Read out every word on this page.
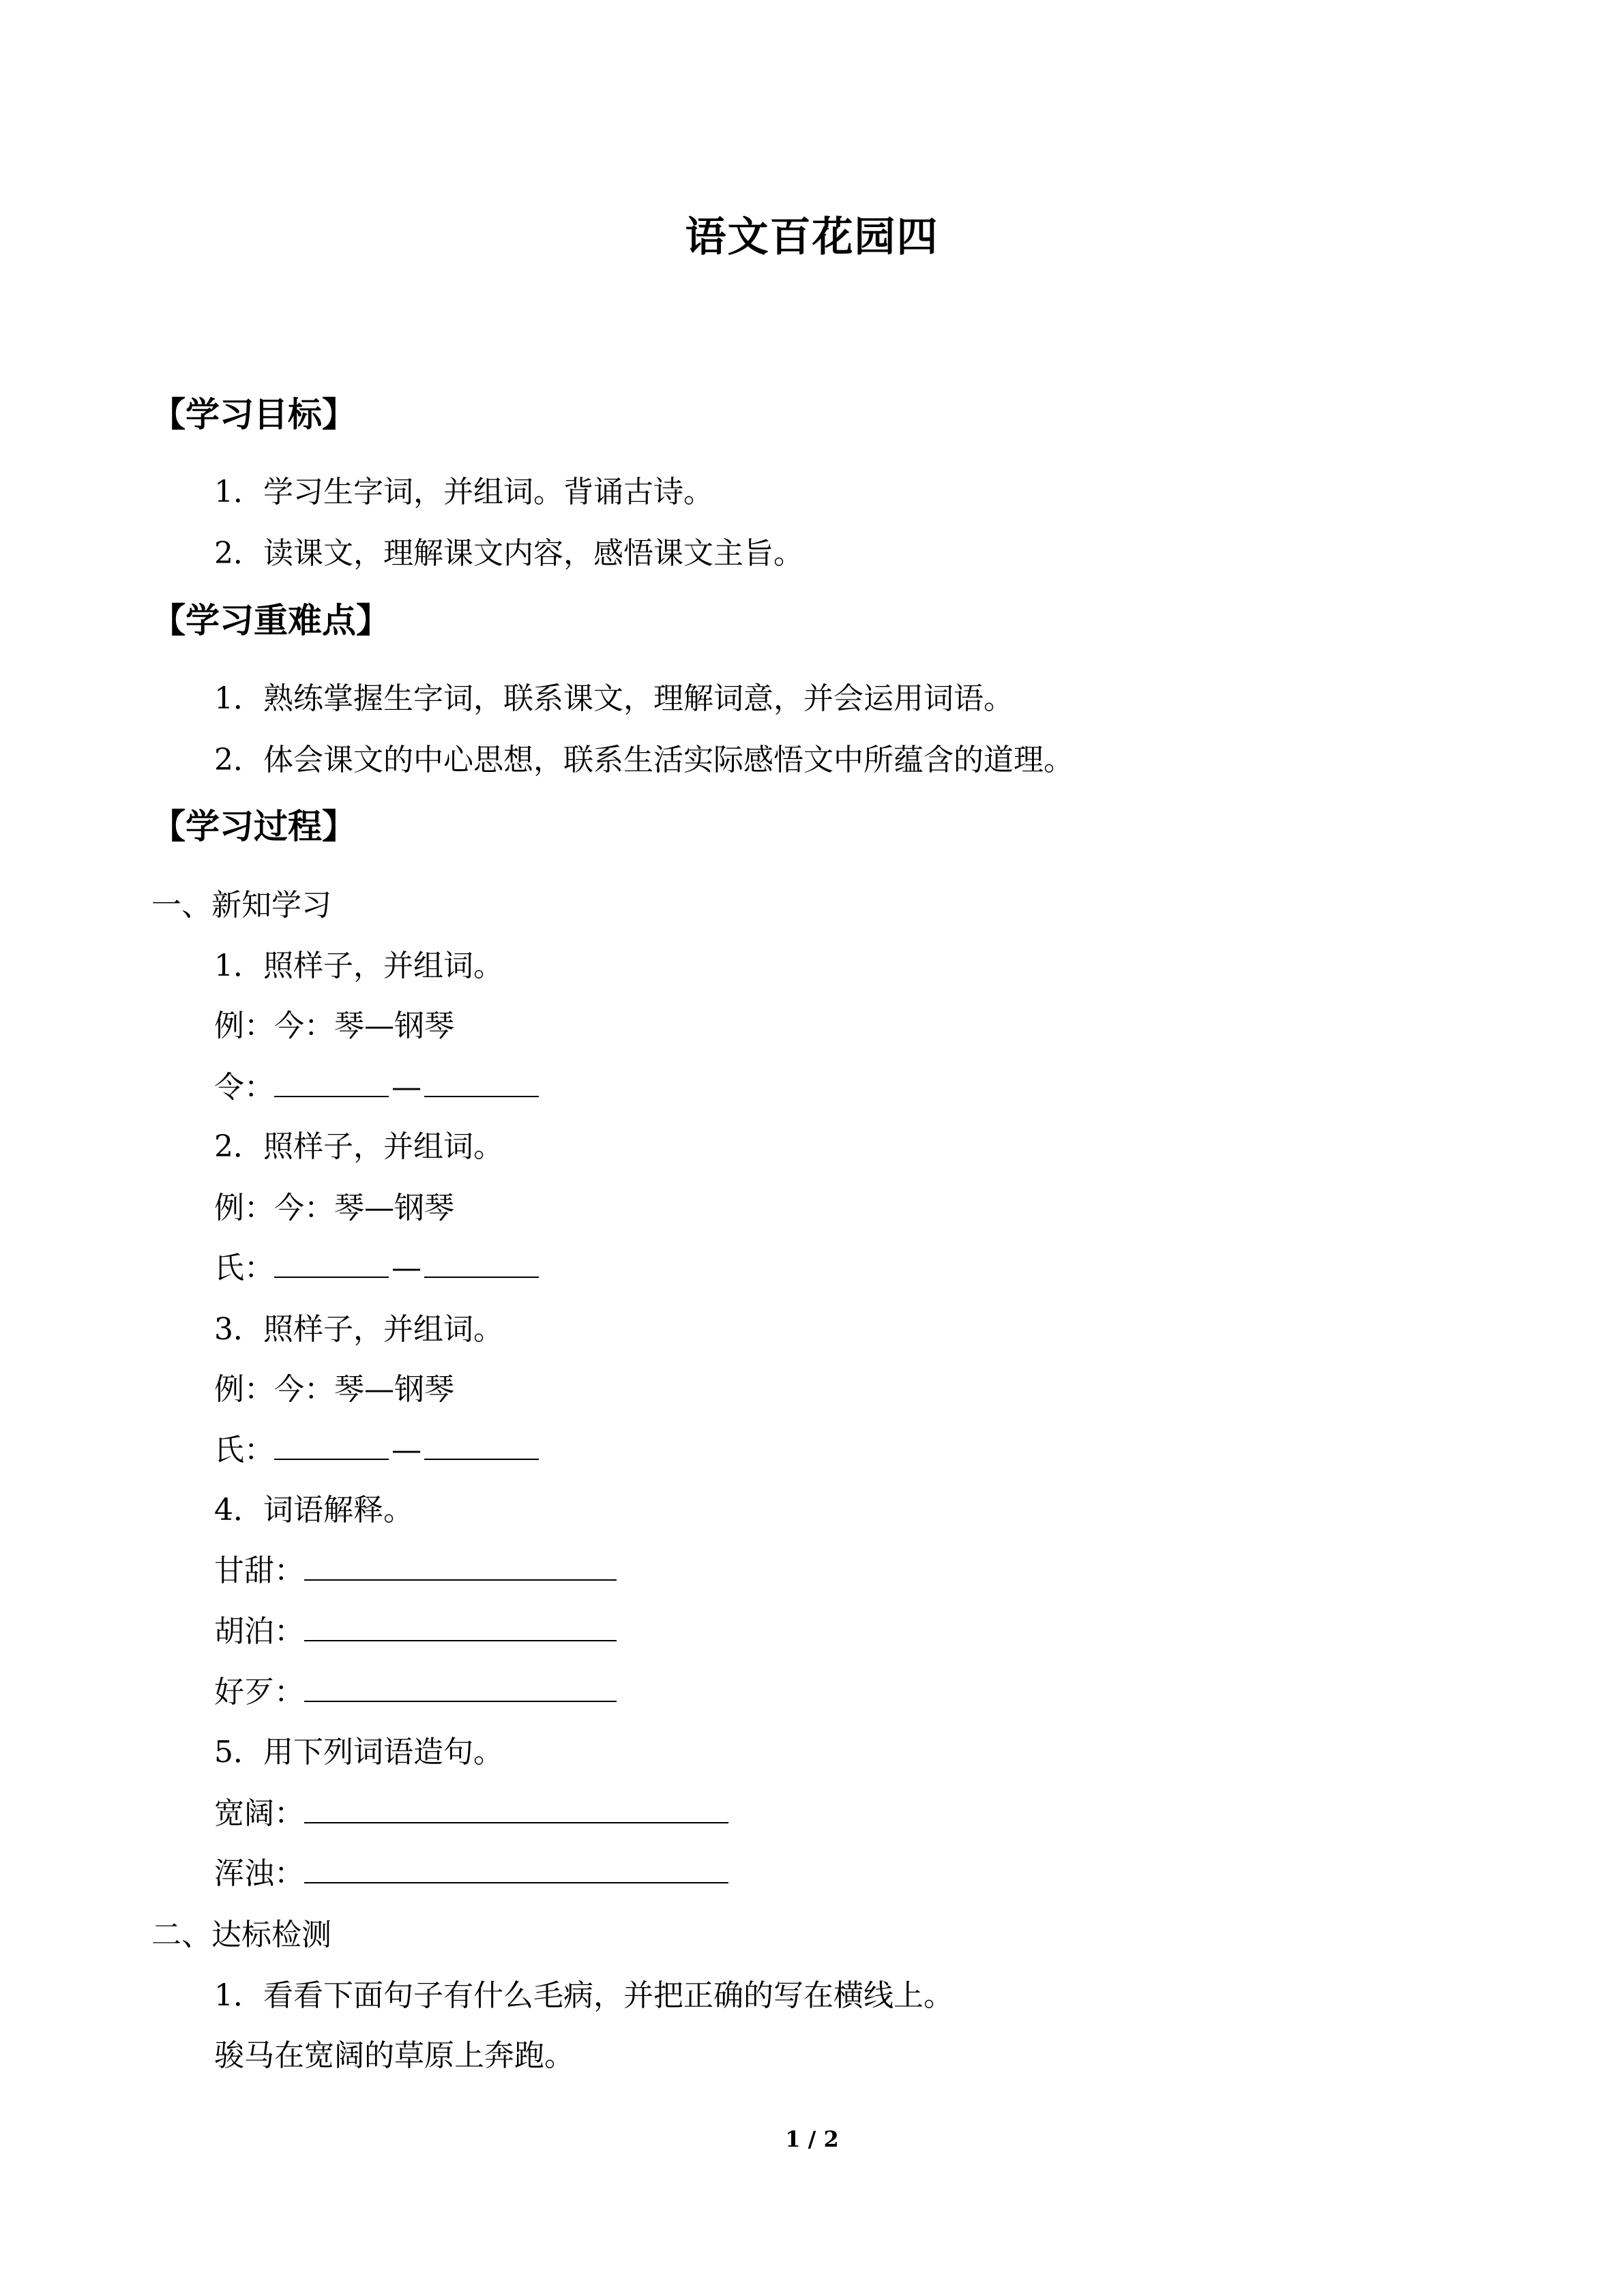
语文百花园四
【学习目标】
1．学习生字词，并组词。背诵古诗。
2．读课文，理解课文内容，感悟课文主旨。
【学习重难点】
1．熟练掌握生字词，联系课文，理解词意，并会运用词语。
2．体会课文的中心思想，联系生活实际感悟文中所蕴含的道理。
【学习过程】
一、新知学习
1．照样子，并组词。
例：今：琴—钢琴
令：	—
2．照样子，并组词。
例：今：琴—钢琴
氏：	—
3．照样子，并组词。
例：今：琴—钢琴
氏：	—
4．词语解释。
甘甜：
胡泊：
好歹：
5．用下列词语造句。
宽阔：
浑浊：
二、达标检测
1．看看下面句子有什么毛病，并把正确的写在横线上。
骏马在宽阔的草原上奔跑。
1 / 2
